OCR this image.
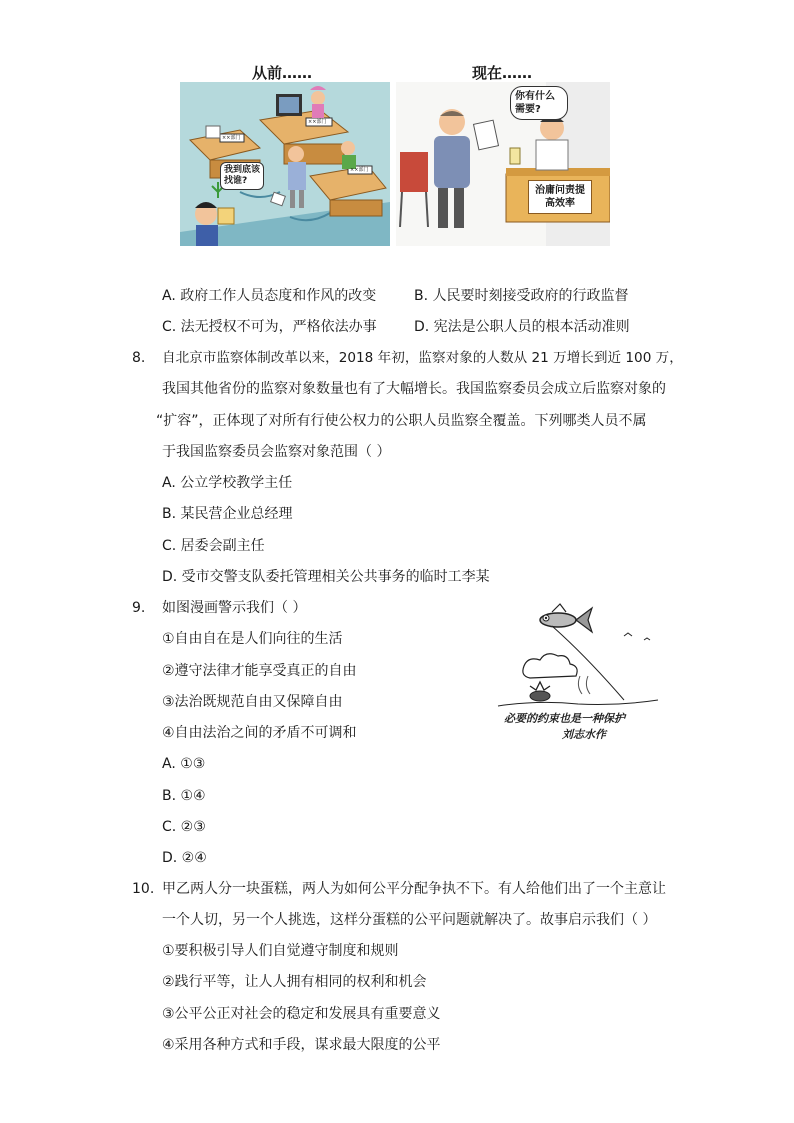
从前……	现在……
我到底该找谁?
××部门
××部门
××部门
你有什么需要?
治庸问责提高效率
A. 政府工作人员态度和作风的改变	B. 人民要时刻接受政府的行政监督
C. 法无授权不可为，严格依法办事	D. 宪法是公职人员的根本活动准则
8. 自北京市监察体制改革以来，2018 年初，监察对象的人数从 21 万增长到近 100 万，
我国其他省份的监察对象数量也有了大幅增长。我国监察委员会成立后监察对象的
“扩容”，正体现了对所有行使公权力的公职人员监察全覆盖。下列哪类人员不属
于我国监察委员会监察对象范围（ ）
A. 公立学校教学主任
B. 某民营企业总经理
C. 居委会副主任
D. 受市交警支队委托管理相关公共事务的临时工李某
9. 如图漫画警示我们（ ）
①自由自在是人们向往的生活
②遵守法律才能享受真正的自由
③法治既规范自由又保障自由
④自由法治之间的矛盾不可调和
A. ①③
B. ①④
C. ②③
D. ②④
必要的约束也是一种保护
刘志水作
10. 甲乙两人分一块蛋糕，两人为如何公平分配争执不下。有人给他们出了一个主意让
一个人切，另一个人挑选，这样分蛋糕的公平问题就解决了。故事启示我们（ ）
①要积极引导人们自觉遵守制度和规则
②践行平等，让人人拥有相同的权利和机会
③公平公正对社会的稳定和发展具有重要意义
④采用各种方式和手段，谋求最大限度的公平
